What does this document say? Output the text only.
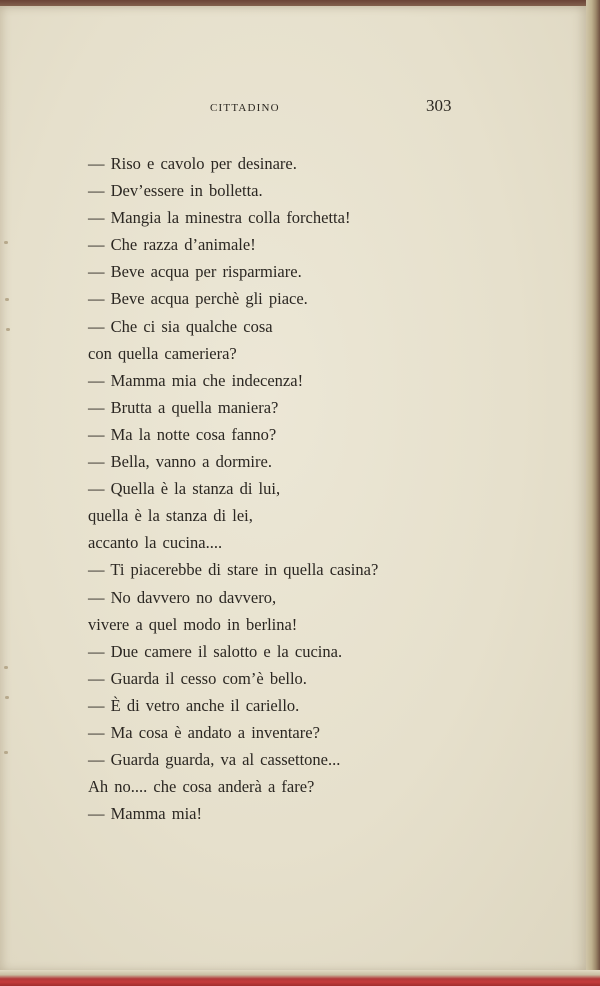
CITTADINO	303
— Riso e cavolo per desinare.
— Dev’essere in bolletta.
— Mangia la minestra colla forchetta!
— Che razza d’animale!
— Beve acqua per risparmiare.
— Beve acqua perchè gli piace.
— Che ci sia qualche cosa
con quella cameriera?
— Mamma mia che indecenza!
— Brutta a quella maniera?
— Ma la notte cosa fanno?
— Bella, vanno a dormire.
— Quella è la stanza di lui,
quella è la stanza di lei,
accanto la cucina....
— Ti piacerebbe di stare in quella casina?
— No davvero no davvero,
vivere a quel modo in berlina!
— Due camere il salotto e la cucina.
— Guarda il cesso com’è bello.
— È di vetro anche il cariello.
— Ma cosa è andato a inventare?
— Guarda guarda, va al cassettone...
Ah no.... che cosa anderà a fare?
— Mamma mia!
